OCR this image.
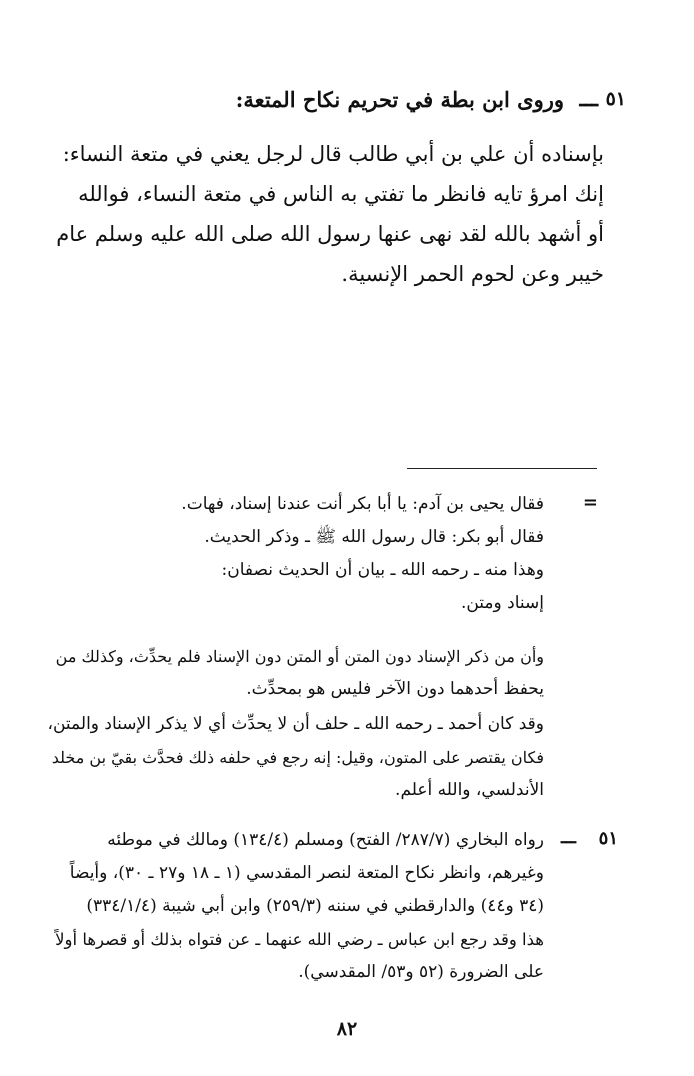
٥١
ـــ
وروى ابن بطة في تحريم نكاح المتعة:
بإسناده أن علي بن أبي طالب قال لرجل يعني في متعة النساء:
إنك امرؤ تايه فانظر ما تفتي به الناس في متعة النساء، فوالله
أو أشهد بالله لقد نهى عنها رسول الله صلى الله عليه وسلم عام
خيبر وعن لحوم الحمر الإنسية.
=
فقال يحيى بن آدم: يا أبا بكر أنت عندنا إسناد، فهات.
فقال أبو بكر: قال رسول الله ﷺ ـ وذكر الحديث.
وهذا منه ـ رحمه الله ـ بيان أن الحديث نصفان:
إسناد ومتن.
وأن من ذكر الإسناد دون المتن أو المتن دون الإسناد فلم يحدِّث، وكذلك من
يحفظ أحدهما دون الآخر فليس هو بمحدِّث.
وقد كان أحمد ـ رحمه الله ـ حلف أن لا يحدِّث أي لا يذكر الإسناد والمتن،
فكان يقتصر على المتون، وقيل: إنه رجع في حلفه ذلك فحدَّث بقيّ بن مخلد
الأندلسي، والله أعلم.
٥١
ـــ
رواه البخاري (٢٨٧/٧/ الفتح) ومسلم (١٣٤/٤) ومالك في موطئه
وغيرهم، وانظر نكاح المتعة لنصر المقدسي (١ ـ ١٨ و٢٧ ـ ٣٠)، وأيضاً
(٣٤ و٤٤) والدارقطني في سننه (٢٥٩/٣) وابن أبي شيبة (٣٣٤/١/٤)
هذا وقد رجع ابن عباس ـ رضي الله عنهما ـ عن فتواه بذلك أو قصرها أولاً
على الضرورة (٥٢ و٥٣/ المقدسي).
٨٢
